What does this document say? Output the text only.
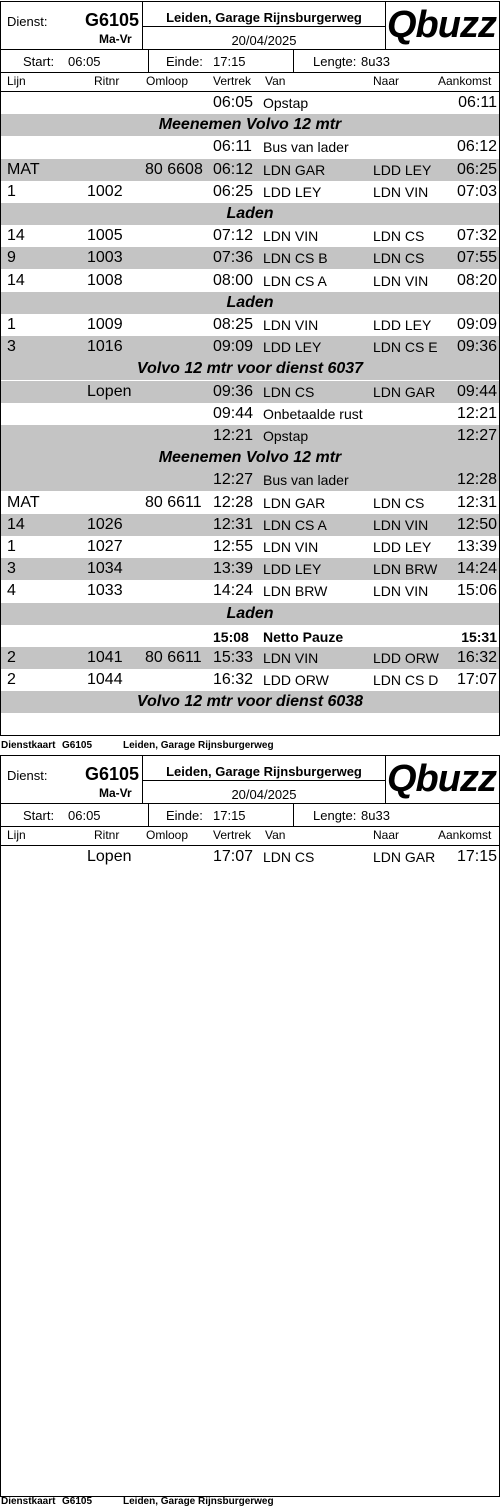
Dienst: G6105
Ma-Vr
Leiden, Garage Rijnsburgerweg
20/04/2025	Qbuzz
Start: 06:05	Einde: 17:15	Lengte: 8u33
Lijn	Ritnr Omloop Vertrek Van	Naar	Aankomst
06:05 Opstap	06:11
Meenemen Volvo 12 mtr
06:11 Bus van lader	06:12
MAT	80 6608 06:12 LDN GAR	LDD LEY	06:25
1	1002	06:25 LDD LEY	LDN VIN	07:03
Laden
14	1005	07:12 LDN VIN	LDN CS	07:32
9	1003	07:36 LDN CS B	LDN CS	07:55
14	1008	08:00 LDN CS A	LDN VIN	08:20
Laden
1	1009	08:25 LDN VIN	LDD LEY	09:09
3	1016	09:09 LDD LEY	LDN CS E	09:36
Volvo 12 mtr voor dienst 6037
Lopen	09:36 LDN CS	LDN GAR	09:44
09:44 Onbetaalde rust	12:21
12:21 Opstap	12:27
Meenemen Volvo 12 mtr
12:27 Bus van lader	12:28
MAT	80 6611 12:28 LDN GAR	LDN CS	12:31
14	1026	12:31 LDN CS A	LDN VIN	12:50
1	1027	12:55 LDN VIN	LDD LEY	13:39
3	1034	13:39 LDD LEY	LDN BRW	14:24
4	1033	14:24 LDN BRW	LDN VIN	15:06
Laden
15:08	Netto Pauze	15:31
2	1041	80 6611 15:33 LDN VIN	LDD ORW	16:32
2	1044	16:32 LDD ORW	LDN CS D	17:07
Volvo 12 mtr voor dienst 6038
Dienstkaart G6105	Leiden, Garage Rijnsburgerweg
Dienst: G6105
Ma-Vr
Leiden, Garage Rijnsburgerweg
20/04/2025	Qbuzz
Start: 06:05	Einde: 17:15	Lengte: 8u33
Lijn	Ritnr Omloop Vertrek Van	Naar	Aankomst
Lopen	17:07 LDN CS	LDN GAR	17:15
Dienstkaart G6105	Leiden, Garage Rijnsburgerweg
